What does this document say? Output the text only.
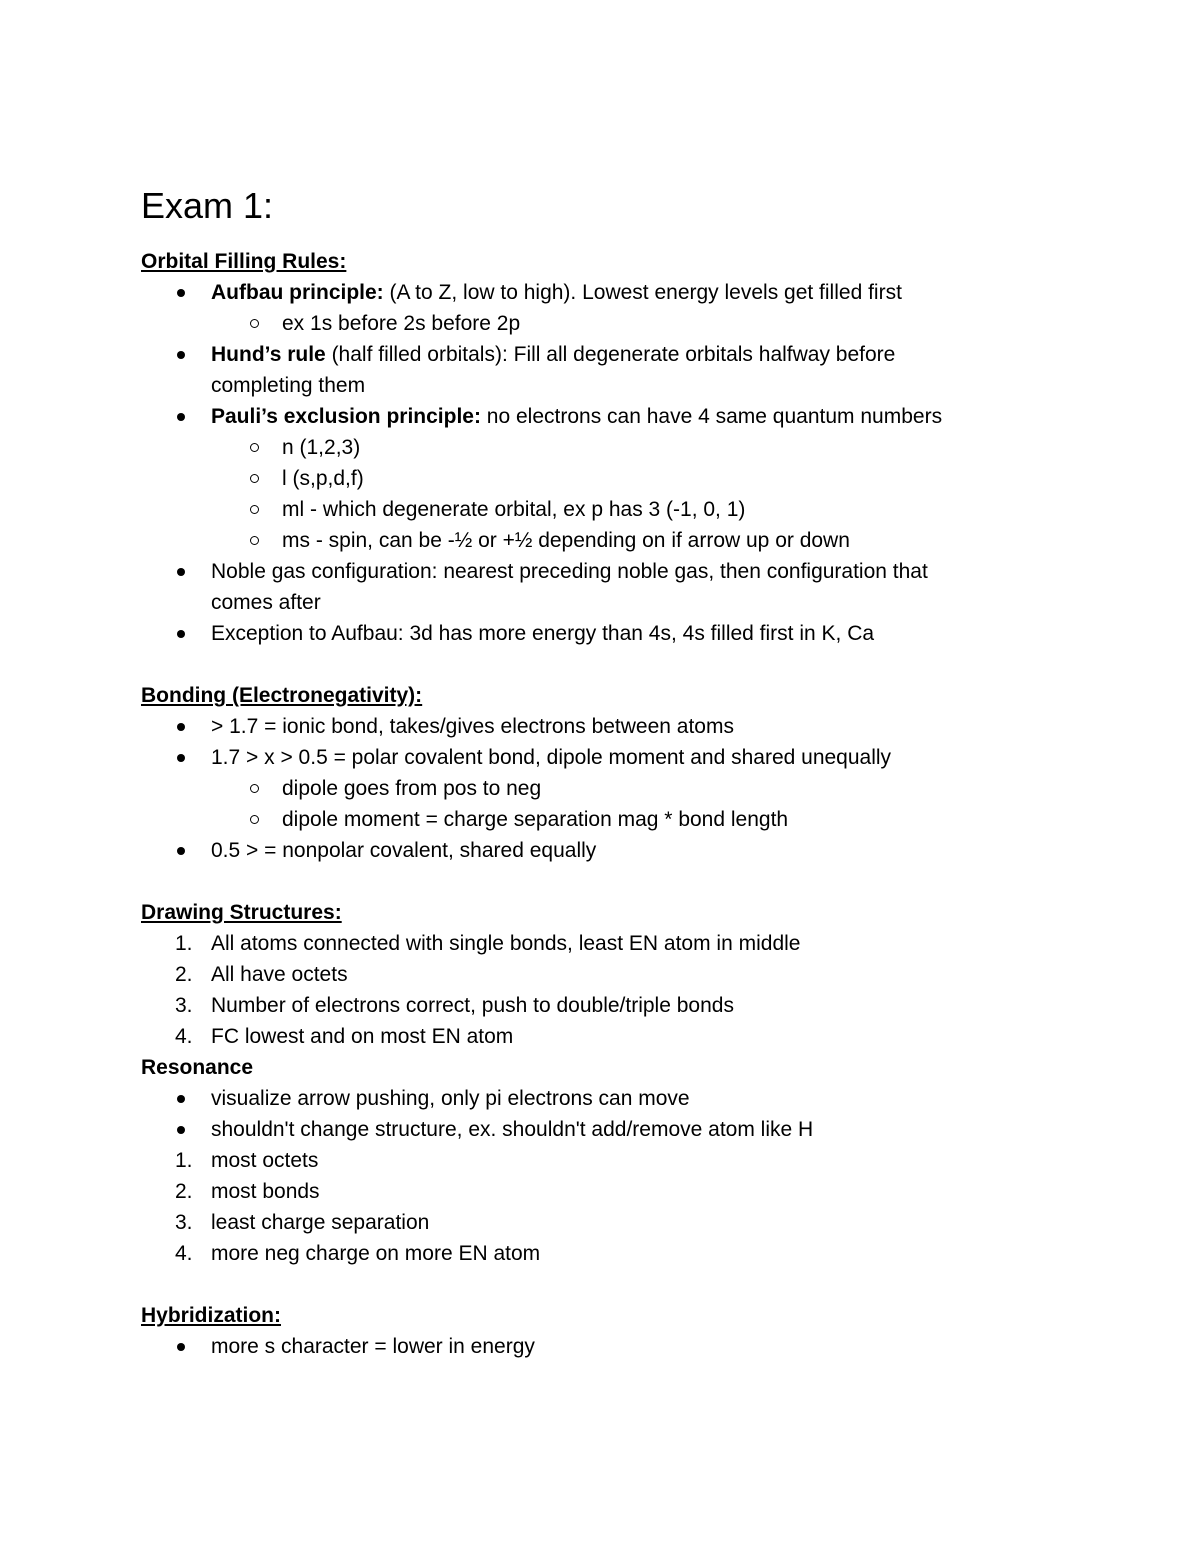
Exam 1:
Orbital Filling Rules:
Aufbau principle: (A to Z, low to high). Lowest energy levels get filled first
ex 1s before 2s before 2p
Hund’s rule (half filled orbitals): Fill all degenerate orbitals halfway before
completing them
Pauli’s exclusion principle: no electrons can have 4 same quantum numbers
n (1,2,3)
l (s,p,d,f)
ml - which degenerate orbital, ex p has 3 (-1, 0, 1)
ms - spin, can be -½ or +½ depending on if arrow up or down
Noble gas configuration: nearest preceding noble gas, then configuration that
comes after
Exception to Aufbau: 3d has more energy than 4s, 4s filled first in K, Ca
Bonding (Electronegativity):
> 1.7 = ionic bond, takes/gives electrons between atoms
1.7 > x > 0.5 = polar covalent bond, dipole moment and shared unequally
dipole goes from pos to neg
dipole moment = charge separation mag * bond length
0.5 > = nonpolar covalent, shared equally
Drawing Structures:
1. All atoms connected with single bonds, least EN atom in middle
2. All have octets
3. Number of electrons correct, push to double/triple bonds
4. FC lowest and on most EN atom
Resonance
visualize arrow pushing, only pi electrons can move
shouldn't change structure, ex. shouldn't add/remove atom like H
1. most octets
2. most bonds
3. least charge separation
4. more neg charge on more EN atom
Hybridization:
more s character = lower in energy
